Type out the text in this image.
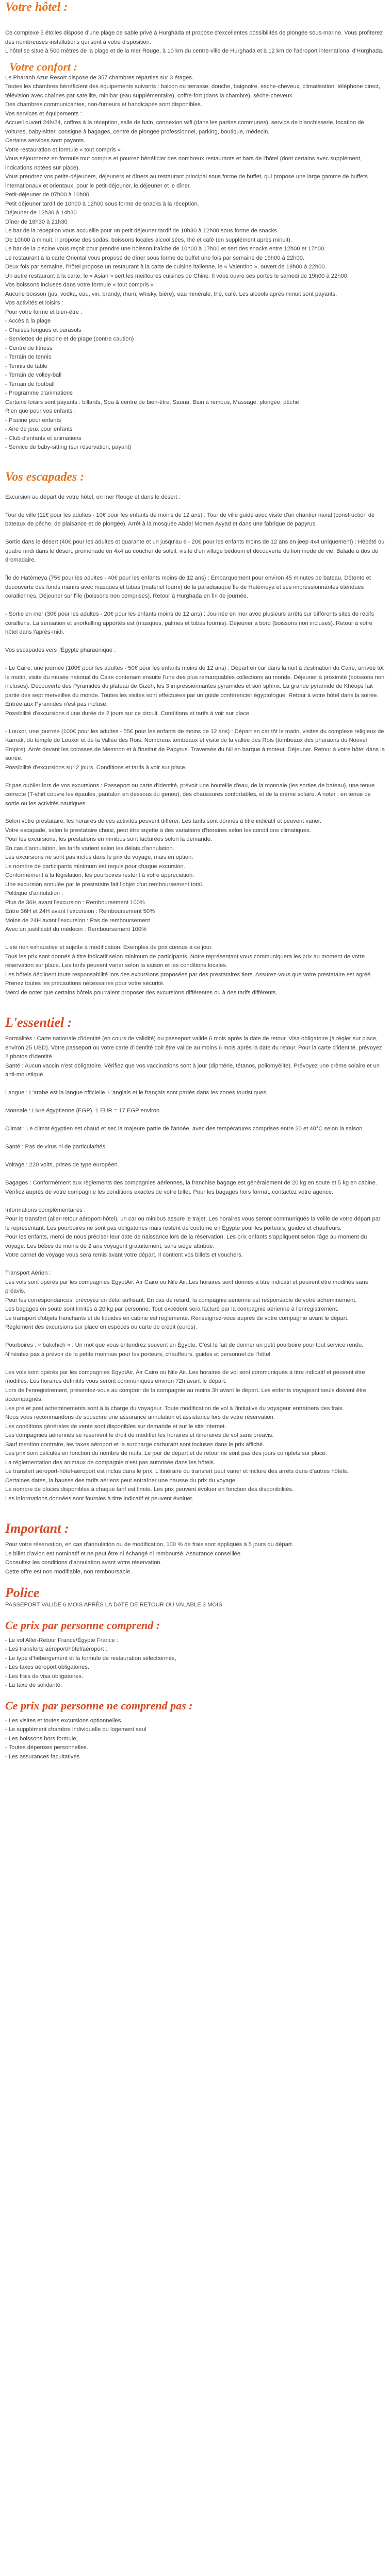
Votre hôtel :

Ce complexe 5 étoiles dispose d'une plage de sable privé à Hurghada et propose d'excellentes possibilités de plongée sous-marine. Vous profiterez des nombreuses installations qui sont à votre disposition.

L'hôtel se situe à 500 mètres de la plage et de la mer Rouge, à 10 km du centre-ville de Hurghada et à 12 km de l'aéroport international d'Hurghada.

Votre confort :

Le Pharaoh Azur Resort dispose de 357 chambres réparties sur 3 étages.

Toutes les chambres bénéficient des équipements suivants : balcon ou terrasse, douche, baignoire, sèche-cheveux, climatisation, téléphone direct, télévision avec chaînes par satellite, minibar (eau supplémentaire), coffre-fort (dans la chambre), sèche-cheveux.

Des chambres communicantes, non-fumeurs et handicapés sont disponibles.

Vos services et équipements :

Accueil ouvert 24h/24, coffres à la réception, salle de bain, connexion wifi (dans les parties communes), service de blanchisserie, location de voitures, baby-sitter, consigne à bagages, centre de plongée professionnel, parking, boutique, médecin.

Certains services sont payants.

Votre restauration et formule « tout compris » :

Vous séjournerez en formule tout compris et pourrez bénéficier des nombreux restaurants et bars de l'hôtel (dont certains avec supplément, indications notées sur place).

Vous prendrez vos petits-déjeuners, déjeuners et dîners au restaurant principal sous forme de buffet, qui propose une large gamme de buffets internationaux et orientaux, pour le petit-déjeuner, le déjeuner et le dîner.

Petit-déjeuner de 07h00 à 10h00

Petit déjeuner tardif de 10h00 à 12h00 sous forme de snacks à la réception.

Déjeuner de 12h30 à 14h30

Dîner de 18h30 à 21h30

Le bar de la réception vous accueille pour un petit déjeuner tardif de 10h30 à 12h00 sous forme de snacks.

De 10h00 à minuit, il propose des sodas, boissons locales alcoolisées, thé et café (en supplément après minuit).

Le bar de la piscine vous reçoit pour prendre une boisson fraîche de 10h00 à 17h00 et sert des snacks entre 12h00 et 17h00.

Le restaurant à la carte Oriental vous propose de dîner sous forme de buffet une fois par semaine de 19h00 à 22h00.

Deux fois par semaine, l'hôtel propose un restaurant à la carte de cuisine italienne, le « Valentino », ouvert de 19h00 à 22h00.

Un autre restaurant à la carte, le « Asian » sert les meilleures cuisines de Chine. Il vous ouvre ses portes le samedi de 19h00 à 22h00.

Vos boissons incluses dans votre formule « tout compris » :

Aucune boisson (jus, vodka, eau, vin, brandy, rhum, whisky, bière), eau minérale, thé, café. Les alcools après minuit sont payants.

Vos activités et loisirs :

Pour votre forme et bien-être :

- Accès à la plage

- Chaises longues et parasols

- Serviettes de piscine et de plage (contre caution)

- Centre de fitness

- Terrain de tennis

- Tennis de table

- Terrain de volley-ball

- Terrain de football

- Programme d'animations

Certains loisirs sont payants : billards, Spa & centre de bien-être, Sauna, Bain à remous, Massage, plongée, pêche

Rien que pour vos enfants :

- Piscine pour enfants

- Aire de jeux pour enfants

- Club d'enfants et animations

- Service de baby-sitting (sur réservation, payant)

Vos escapades :

Excursion au départ de votre hôtel, en mer Rouge et dans le désert :

Tour de ville (11€ pour les adultes - 10€ pour les enfants de moins de 12 ans) : Tour de ville guidé avec visite d'un chantier naval (construction de bateaux de pêche, de plaisance et de plongée). Arrêt à la mosquée Abdel Momen Ayyad et dans une fabrique de papyrus.

Sortie dans le désert (40€ pour les adultes et quarante et un jusqu'au 6 - 20€ pour les enfants moins de 12 ans en jeep 4x4 uniquement) : Hébété ou quatre rindi dans le désert, promenade en 4x4 au coucher de soleil, visite d'un village bédouin et découverte du lion mode de vie. Balade à dos de dromadaire.

Île de Hatémeya (75€ pour les adultes - 40€ pour les enfants moins de 12 ans) : Embarquement pour environ 45 minutes de bateau. Détente et découverte des fonds marins avec masques et tubas (matériel fourni) de la paradisiaque Île de Hatémeya et ses impressionnantes étendues coralliennes. Déjeuner sur l'île (boissons non comprises). Retour à Hurghada en fin de journée.

- Sortie en mer (30€ pour les adultes - 20€ pour les enfants moins de 12 ans) : Journée en mer avec plusieurs arrêts sur différents sites de récifs coralliens. La sensation et snorkelling apportés est (masques, palmes et tubas fournis). Déjeuner à bord (boissons non incluses). Retour à votre hôtel dans l'après-midi.

Vos escapades vers l'Égypte pharaonique :

- Le Caire, une journée (100€ pour les adultes - 50€ pour les enfants moins de 12 ans) : Départ en car dans la nuit à destination du Caire, arrivée tôt le matin, visite du musée national du Caire contenant ensuite l'une des plus remarquables collections au monde. Déjeuner à proximité (boissons non incluses). Découverte des Pyramides du plateau de Gizeh, les 3 impressionnantes pyramides et son sphinx. La grande pyramide de Khéops fait partie des sept merveilles du monde. Toutes les visites sont effectuées par un guide conférencier égyptologue. Retour à votre hôtel dans la soirée.

Entrée aux Pyramides n'est pas incluse.

Possibilité d'excursions d'une durée de 2 jours sur ce circuit. Conditions et tarifs à voir sur place.

- Louxor, une journée (100€ pour les adultes - 55€ pour les enfants de moins de 12 ans) : Départ en car tôt le matin, visites du complexe religieux de Karnak, du temple de Louxor et de la Vallée des Rois. Nombreux tombeaux et visite de la vallée des Rois (tombeaux des pharaons du Nouvel Empire). Arrêt devant les colosses de Memnon et à l'institut de Papyrus. Traversée du Nil en barque à moteur. Déjeuner. Retour à votre hôtel dans la soirée.

Possibilité d'excursions sur 2 jours. Conditions et tarifs à voir sur place.

Et pas oublier lors de vos excursions : Passeport ou carte d'identité, prévoir une bouteille d'eau, de la monnaie (les sorties de bateau), une tenue correcte (T-shirt couvre les épaules, pantalon en dessous du genou), des chaussures confortables, et de la crème solaire. A noter : en tenue de sortie ou les activités nautiques.

Selon votre prestataire, les horaires de ces activités peuvent différer. Les tarifs sont donnés à titre indicatif et peuvent varier.

Votre escapade, selon le prestataire choisi, peut être sujette à des variations d'horaires selon les conditions climatiques.

Pour les excursions, les prestations en minibus sont facturées selon la demande.

En cas d'annulation, les tarifs varient selon les délais d'annulation.

Les excursions ne sont pas inclus dans le prix du voyage, mais en option.

Le nombre de participants minimum est requis pour chaque excursion.

Conformément à la législation, les pourboires restent à votre appréciation.

Une excursion annulée par le prestataire fait l'objet d'un remboursement total.

Politique d'annulation :

Plus de 36H avant l'excursion : Remboursement 100%

Entre 36H et 24H avant l'excursion : Remboursement 50%

Moins de 24H avant l'excursion : Pas de remboursement

Avec un justificatif du médecin : Remboursement 100%

Liste non exhaustive et sujette à modification. Exemples de prix connus à ce jour.

Tous les prix sont donnés à titre indicatif selon minimum de participants. Notre représentant vous communiquera les prix au moment de votre réservation sur place. Les tarifs peuvent varier selon la saison et les conditions locales.

Les hôtels déclinent toute responsabilité lors des excursions proposées par des prestataires tiers. Assurez-vous que votre prestataire est agréé. Prenez toutes les précautions nécessaires pour votre sécurité.

Merci de noter que certains hôtels pourraient proposer des excursions différentes ou à des tarifs différents.

L'essentiel :

Formalités : Carte nationale d'identité (en cours de validité) ou passeport valide 6 mois après la date de retour. Visa obligatoire (à régler sur place, environ 25 USD). Votre passeport ou votre carte d'identité doit être valide au moins 6 mois après la date du retour. Pour la carte d'identité, prévoyez 2 photos d'identité.

Santé : Aucun vaccin n'est obligatoire. Vérifiez que vos vaccinations sont à jour (diphtérie, tétanos, poliomyélite). Prévoyez une crème solaire et un anti-moustique.

Langue : L'arabe est la langue officielle. L'anglais et le français sont parlés dans les zones touristiques.

Monnaie : Livre égyptienne (EGP). 1 EUR = 17 EGP environ.

Climat : Le climat égyptien est chaud et sec la majeure partie de l'année, avec des températures comprises entre 20 et 40°C selon la saison.

Santé : Pas de virus ni de particularités.

Voltage : 220 volts, prises de type européen.

Bagages : Conformément aux règlements des compagnies aériennes, la franchise bagage est généralement de 20 kg en soute et 5 kg en cabine. Vérifiez auprès de votre compagnie les conditions exactes de votre billet. Pour les bagages hors format, contactez votre agence.

Informations complémentaires :

Pour le transfert (aller-retour aéroport-hôtel), un car ou minibus assure le trajet. Les horaires vous seront communiqués la veille de votre départ par le représentant. Les pourboires ne sont pas obligatoires mais restent de coutume en Égypte pour les porteurs, guides et chauffeurs.

Pour les enfants, merci de nous préciser leur date de naissance lors de la réservation. Les prix enfants s'appliquent selon l'âge au moment du voyage. Les bébés de moins de 2 ans voyagent gratuitement, sans siège attribué.

Votre carnet de voyage vous sera remis avant votre départ. Il contient vos billets et vouchers.

Transport Aérien :

Les vols sont opérés par les compagnies EgyptAir, Air Cairo ou Nile Air. Les horaires sont donnés à titre indicatif et peuvent être modifiés sans préavis.

Pour les correspondances, prévoyez un délai suffisant. En cas de retard, la compagnie aérienne est responsable de votre acheminement.

Les bagages en soute sont limités à 20 kg par personne. Tout excédent sera facturé par la compagnie aérienne à l'enregistrement.

Le transport d'objets tranchants et de liquides en cabine est réglementé. Renseignez-vous auprès de votre compagnie avant le départ.

Règlement des excursions sur place en espèces ou carte de crédit (euros).

Pourboires : « bakchich » : Un mot que vous entendrez souvent en Égypte. C'est le fait de donner un petit pourboire pour tout service rendu. N'hésitez pas à prévoir de la petite monnaie pour les porteurs, chauffeurs, guides et personnel de l'hôtel.

Les vols sont opérés par les compagnies EgyptAir, Air Cairo ou Nile Air. Les horaires de vol sont communiqués à titre indicatif et peuvent être modifiés. Les horaires définitifs vous seront communiqués environ 72h avant le départ.

Lors de l'enregistrement, présentez-vous au comptoir de la compagnie au moins 3h avant le départ. Les enfants voyageant seuls doivent être accompagnés.

Les pré et post acheminements sont à la charge du voyageur. Toute modification de vol à l'initiative du voyageur entraînera des frais.

Nous vous recommandons de souscrire une assurance annulation et assistance lors de votre réservation.

Les conditions générales de vente sont disponibles sur demande et sur le site internet.

Les compagnies aériennes se réservent le droit de modifier les horaires et itinéraires de vol sans préavis.

Sauf mention contraire, les taxes aéroport et la surcharge carburant sont incluses dans le prix affiché.

Les prix sont calculés en fonction du nombre de nuits. Le jour de départ et de retour ne sont pas des jours complets sur place.

La réglementation des animaux de compagnie n'est pas autorisée dans les hôtels.

Le transfert aéroport-hôtel-aéroport est inclus dans le prix. L'itinéraire du transfert peut varier et inclure des arrêts dans d'autres hôtels.

Certaines dates, la hausse des tarifs aériens peut entraîner une hausse du prix du voyage.

Le nombre de places disponibles à chaque tarif est limité. Les prix peuvent évoluer en fonction des disponibilités.

Les informations données sont fournies à titre indicatif et peuvent évoluer.

Important :

Pour votre réservation, en cas d'annulation ou de modification, 100 % de frais sont appliqués à 5 jours du départ.

Le billet d'avion est nominatif et ne peut être ni échangé ni remboursé. Assurance conseillée.

Consultez les conditions d'annulation avant votre réservation.

Cette offre est non modifiable, non remboursable.

Police

PASSEPORT VALIDE 6 MOIS APRÈS LA DATE DE RETOUR OU VALABLE 3 MOIS

Ce prix par personne comprend :

- Le vol Aller-Retour France/Égypte France :

- Les transferts aéroport/hôtel/aéroport :

- Le type d'hébergement et la formule de restauration sélectionnés,

- Les taxes aéroport obligatoires.

- Les frais de visa obligatoires.

- La taxe de solidarité.

Ce prix par personne ne comprend pas :

- Les visites et toutes excursions optionnelles.

- Le supplément chambre individuelle ou logement seul

- Les boissons hors formule,

- Toutes dépenses personnelles.

- Les assurances facultatives
